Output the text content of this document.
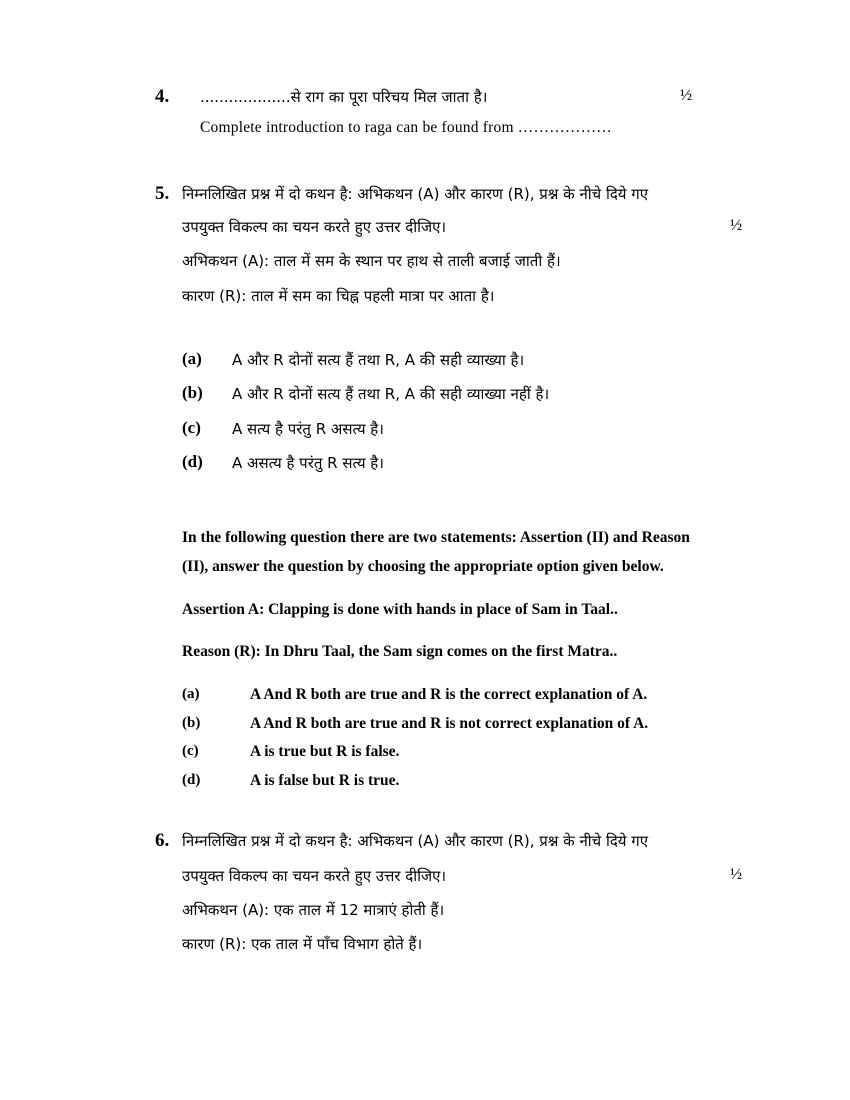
4. ...................से राग का पूरा परिचय मिल जाता है।	½
Complete introduction to raga can be found from ………………
5. निम्नलिखित प्रश्न में दो कथन है: अभिकथन (A) और कारण (R), प्रश्न के नीचे दिये गए
उपयुक्त विकल्प का चयन करते हुए उत्तर दीजिए।	½
अभिकथन (A): ताल में सम के स्थान पर हाथ से ताली बजाई जाती हैं।
कारण (R): ताल में सम का चिह्न पहली मात्रा पर आता है।
(a) A और R दोनों सत्य हैं तथा R, A की सही व्याख्या है।
(b) A और R दोनों सत्य हैं तथा R, A की सही व्याख्या नहीं है।
(c) A सत्य है परंतु R असत्य है।
(d) A असत्य है परंतु R सत्य है।
In the following question there are two statements: Assertion (II) and Reason
(II), answer the question by choosing the appropriate option given below.
Assertion A: Clapping is done with hands in place of Sam in Taal..
Reason (R): In Dhru Taal, the Sam sign comes on the first Matra..
(a)	A And R both are true and R is the correct explanation of A.
(b)	A And R both are true and R is not correct explanation of A.
(c)	A is true but R is false.
(d)	A is false but R is true.
6. निम्नलिखित प्रश्न में दो कथन है: अभिकथन (A) और कारण (R), प्रश्न के नीचे दिये गए
उपयुक्त विकल्प का चयन करते हुए उत्तर दीजिए।	½
अभिकथन (A): एक ताल में 12 मात्राएं होती हैं।
कारण (R): एक ताल में पाँच विभाग होते हैं।
